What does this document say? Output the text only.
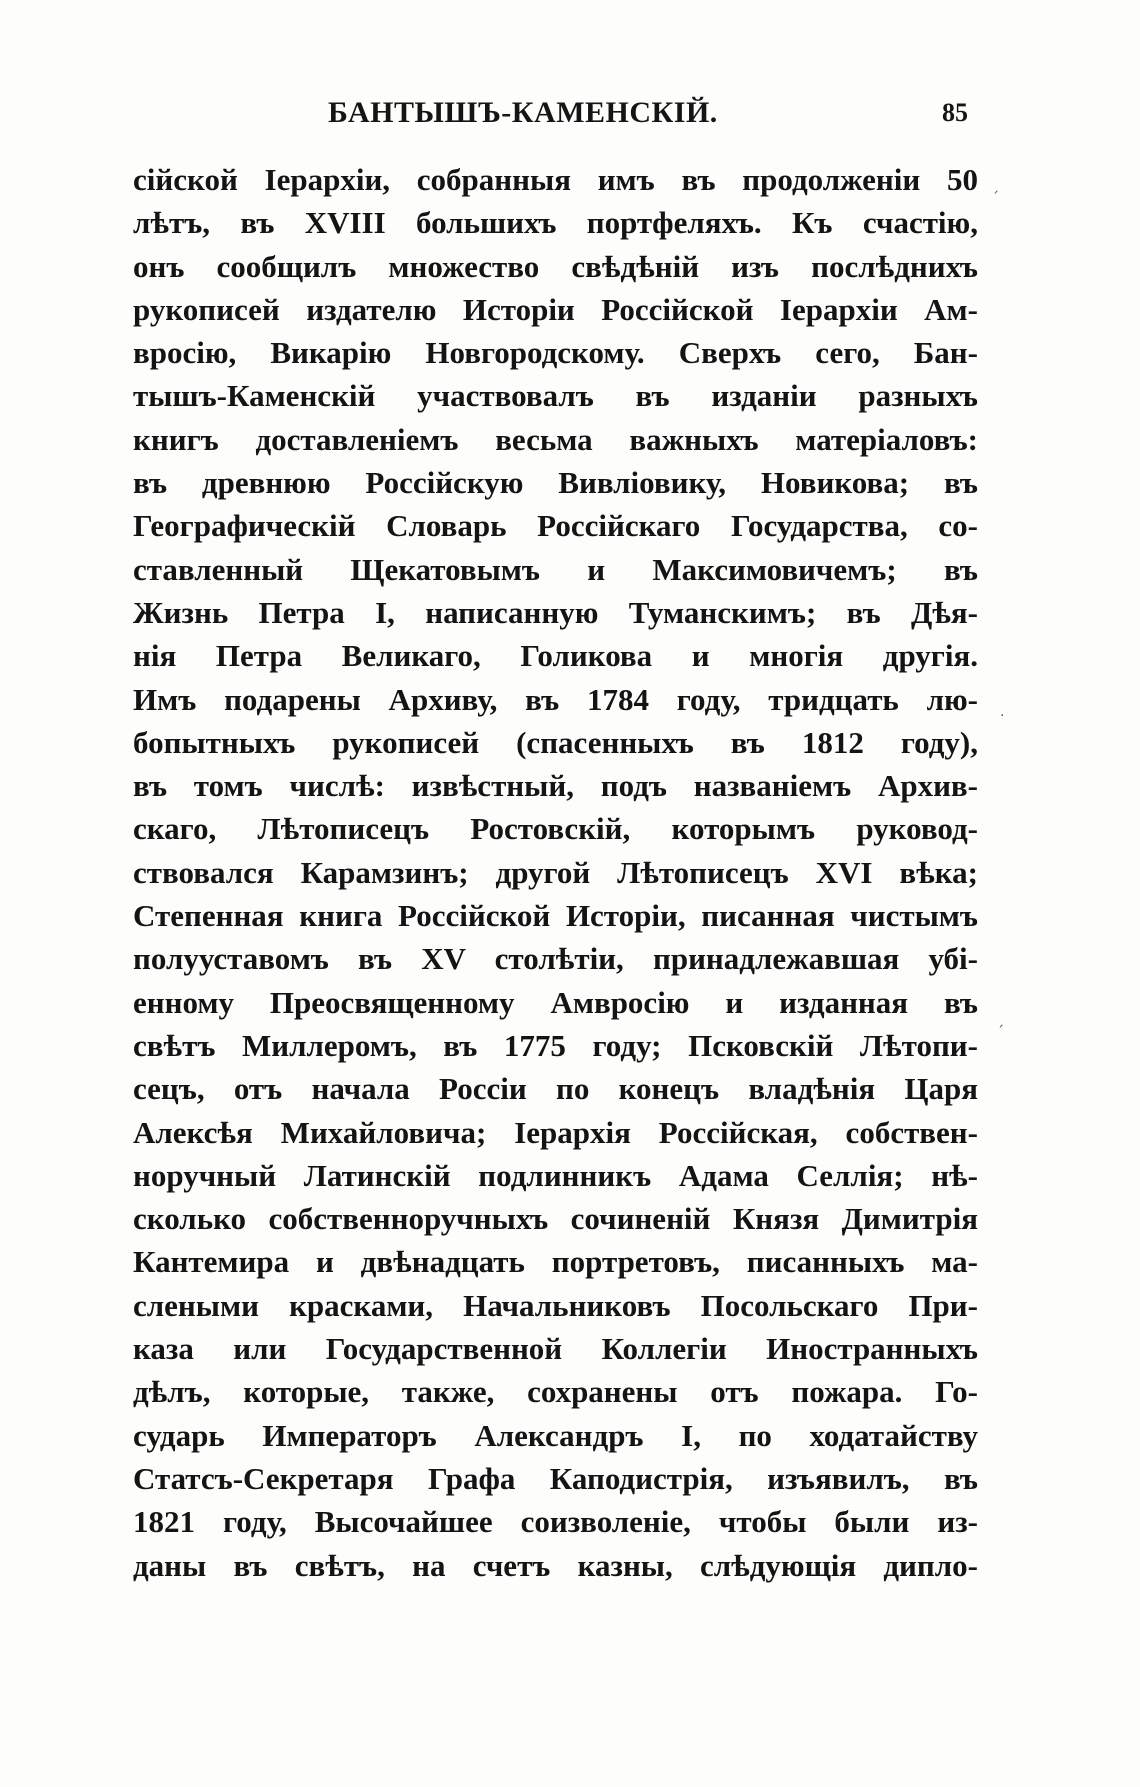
БАНТЫШЪ-КАМЕНСКІЙ.	85
сійской Іерархіи, собранныя имъ въ продолженіи 50
лѣтъ, въ XVIII большихъ портфеляхъ. Къ счастію,
онъ сообщилъ множество свѣдѣній изъ послѣднихъ
рукописей издателю Исторіи Россійской Іерархіи Ам-
вросію, Викарію Новгородскому. Сверхъ сего, Бан-
тышъ-Каменскій участвовалъ въ изданіи разныхъ
книгъ доставленіемъ весьма важныхъ матеріаловъ:
въ древнюю Россійскую Вивліовику, Новикова; въ
Географическій Словарь Россійскаго Государства, со-
ставленный Щекатовымъ и Максимовичемъ; въ
Жизнь Петра I, написанную Туманскимъ; въ Дѣя-
нія Петра Великаго, Голикова и многія другія.
Имъ подарены Архиву, въ 1784 году, тридцать лю-
бопытныхъ рукописей (спасенныхъ въ 1812 году),
въ томъ числѣ: извѣстный, подъ названіемъ Архив-
скаго, Лѣтописецъ Ростовскій, которымъ руковод-
ствовался Карамзинъ; другой Лѣтописецъ XVI вѣка;
Степенная книга Россійской Исторіи, писанная чистымъ
полууставомъ въ XV столѣтіи, принадлежавшая убі-
енному Преосвященному Амвросію и изданная въ
свѣтъ Миллеромъ, въ 1775 году; Псковскій Лѣтопи-
сецъ, отъ начала Россіи по конецъ владѣнія Царя
Алексѣя Михайловича; Іерархія Россійская, собствен-
норучный Латинскій подлинникъ Адама Селлія; нѣ-
сколько собственноручныхъ сочиненій Князя Димитрія
Кантемира и двѣнадцать портретовъ, писанныхъ ма-
слеными красками, Начальниковъ Посольскаго При-
каза или Государственной Коллегіи Иностранныхъ
дѣлъ, которые, также, сохранены отъ пожара. Го-
сударь Императоръ Александръ I, по ходатайству
Статсъ-Секретаря Графа Каподистрія, изъявилъ, въ
1821 году, Высочайшее соизволеніе, чтобы были из-
даны въ свѣтъ, на счетъ казны, слѣдующія дипло-
ˏ
·
ˏ
